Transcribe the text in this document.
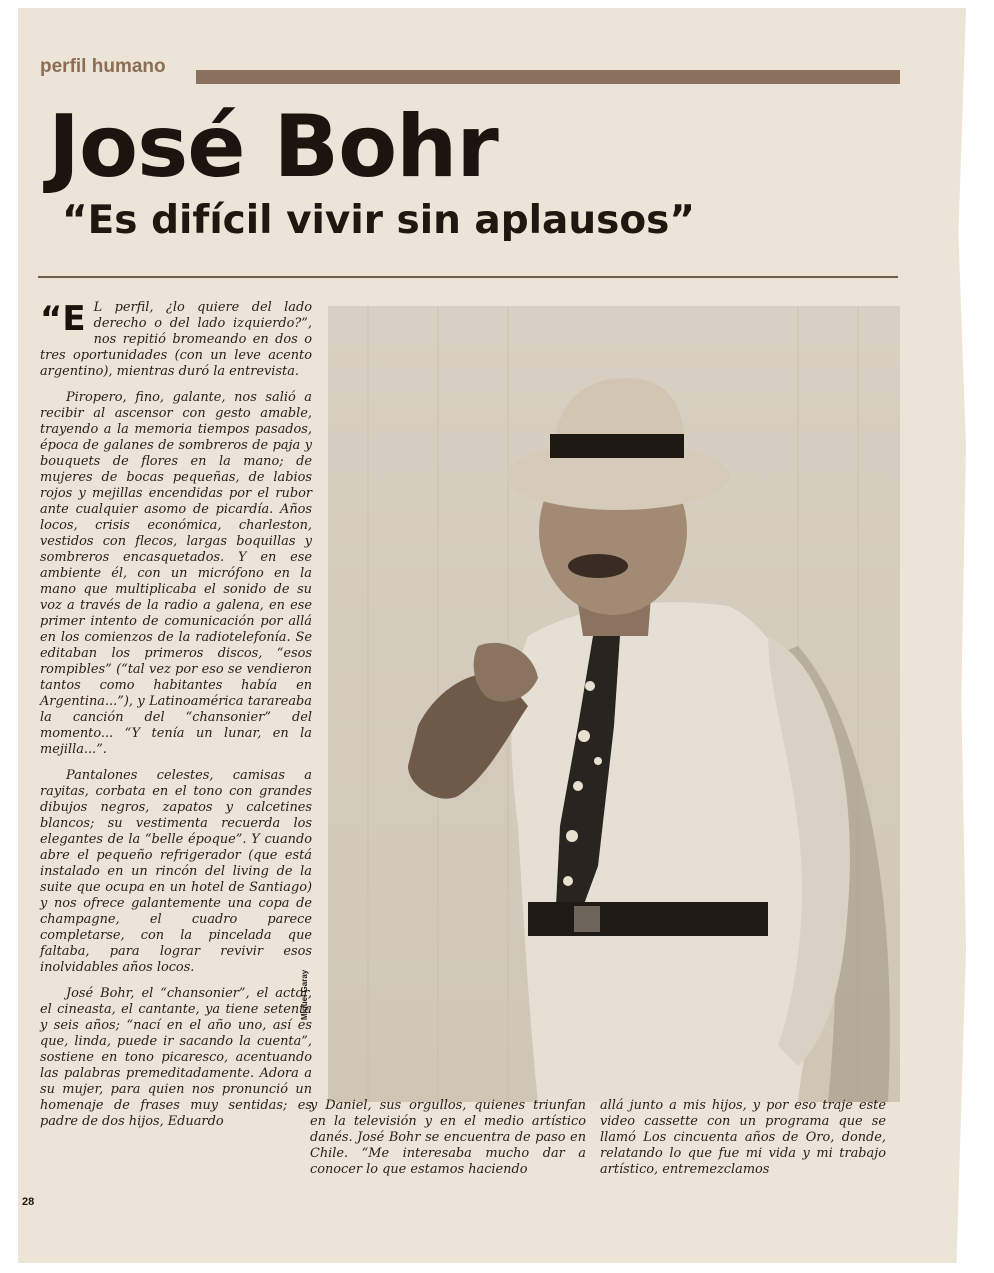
perfil humano
José Bohr
“Es difícil vivir sin aplausos”
“E L perfil, ¿lo quiere del lado derecho o del lado izquierdo?”, nos repitió bromeando en dos o tres oportunidades (con un leve acento argentino), mientras duró la entrevista.

Piropero, fino, galante, nos salió a recibir al ascensor con gesto amable, trayendo a la memoria tiempos pasados, época de galanes de sombreros de paja y bouquets de flores en la mano; de mujeres de bocas pequeñas, de labios rojos y mejillas encendidas por el rubor ante cualquier asomo de picardía. Años locos, crisis económica, charleston, vestidos con flecos, largas boquillas y sombreros encasquetados. Y en ese ambiente él, con un micrófono en la mano que multiplicaba el sonido de su voz a través de la radio a galena, en ese primer intento de comunicación por allá en los comienzos de la radiotelefonía. Se editaban los primeros discos, “esos rompibles” (“tal vez por eso se vendieron tantos como habitantes había en Argentina...”), y Latinoamérica tarareaba la canción del “chansonier” del momento... “Y tenía un lunar, en la mejilla...”.

Pantalones celestes, camisas a rayitas, corbata en el tono con grandes dibujos negros, zapatos y calcetines blancos; su vestimenta recuerda los elegantes de la “belle époque”. Y cuando abre el pequeño refrigerador (que está instalado en un rincón del living de la suite que ocupa en un hotel de Santiago) y nos ofrece galantemente una copa de champagne, el cuadro parece completarse, con la pincelada que faltaba, para lograr revivir esos inolvidables años locos.

José Bohr, el “chansonier”, el actor, el cineasta, el cantante, ya tiene setenta y seis años; “nací en el año uno, así es que, linda, puede ir sacando la cuenta”, sostiene en tono picaresco, acentuando las palabras premeditadamente. Adora a su mujer, para quien nos pronunció un homenaje de frases muy sentidas; es padre de dos hijos, Eduardo

Miguel Garay

y Daniel, sus orgullos, quienes triunfan en la televisión y en el medio artístico danés. José Bohr se encuentra de paso en Chile. “Me interesaba mucho dar a conocer lo que estamos haciendo

allá junto a mis hijos, y por eso traje este video cassette con un programa que se llamó Los cincuenta años de Oro, donde, relatando lo que fue mi vida y mi trabajo artístico, entremezclamos

28
